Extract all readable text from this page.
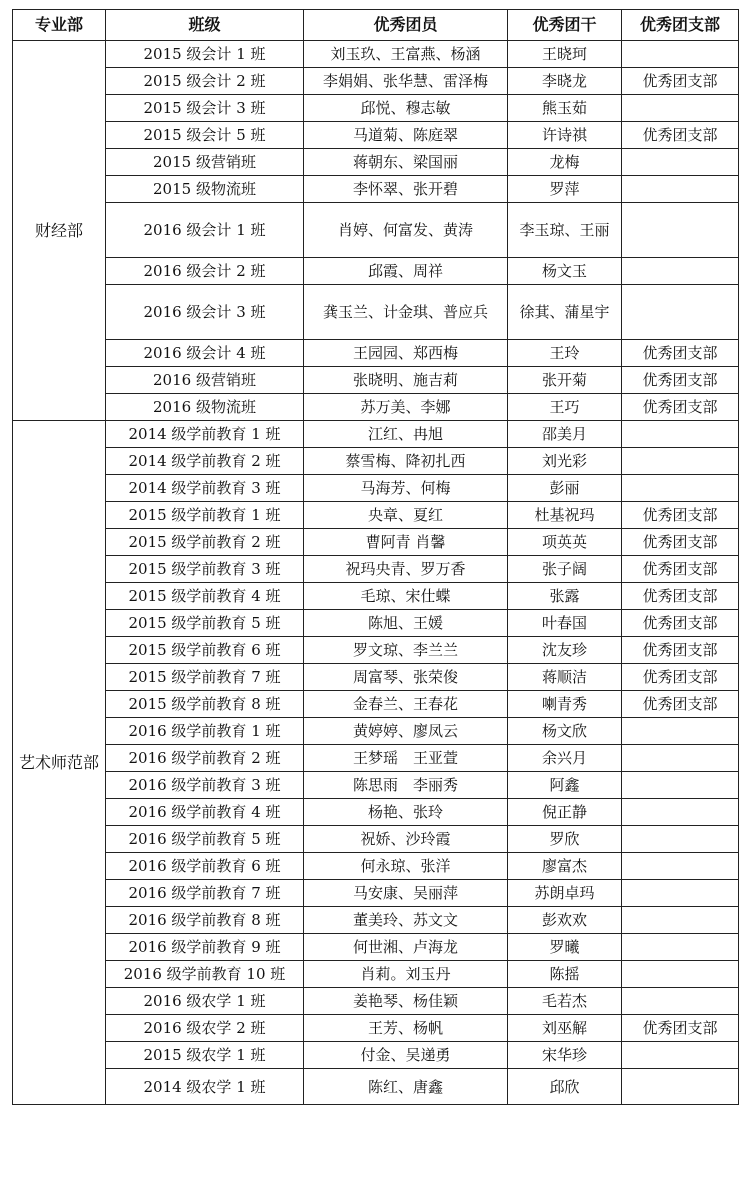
专业部	班级	优秀团员	优秀团干	优秀团支部
财经部	2015 级会计 1 班	刘玉玖、王富燕、杨涵	王晓珂	
	2015 级会计 2 班	李娟娟、张华慧、雷泽梅	李晓龙	优秀团支部
	2015 级会计 3 班	邱悦、穆志敏	熊玉茹	
	2015 级会计 5 班	马道菊、陈庭翠	许诗祺	优秀团支部
	2015 级营销班	蒋朝东、梁国丽	龙梅	
	2015 级物流班	李怀翠、张开碧	罗萍	
	2016 级会计 1 班	肖婷、何富发、黄涛	李玉琼、王丽	
	2016 级会计 2 班	邱霞、周祥	杨文玉	
	2016 级会计 3 班	龚玉兰、计金琪、普应兵	徐萁、蒲星宇	
	2016 级会计 4 班	王园园、郑西梅	王玲	优秀团支部
	2016 级营销班	张晓明、施吉莉	张开菊	优秀团支部
	2016 级物流班	苏万美、李娜	王巧	优秀团支部
艺术师范部	2014 级学前教育 1 班	江红、冉旭	邵美月	
	2014 级学前教育 2 班	蔡雪梅、降初扎西	刘光彩	
	2014 级学前教育 3 班	马海芳、何梅	彭丽	
	2015 级学前教育 1 班	央章、夏红	杜基祝玛	优秀团支部
	2015 级学前教育 2 班	曹阿青 肖馨	项英英	优秀团支部
	2015 级学前教育 3 班	祝玛央青、罗万香	张子阔	优秀团支部
	2015 级学前教育 4 班	毛琼、宋仕蝶	张露	优秀团支部
	2015 级学前教育 5 班	陈旭、王媛	叶春国	优秀团支部
	2015 级学前教育 6 班	罗文琼、李兰兰	沈友珍	优秀团支部
	2015 级学前教育 7 班	周富琴、张荣俊	蒋顺洁	优秀团支部
	2015 级学前教育 8 班	金春兰、王春花	喇青秀	优秀团支部
	2016 级学前教育 1 班	黄婷婷、廖凤云	杨文欣	
	2016 级学前教育 2 班	王梦瑶　王亚萱	余兴月	
	2016 级学前教育 3 班	陈思雨　李丽秀	阿鑫	
	2016 级学前教育 4 班	杨艳、张玲	倪正静	
	2016 级学前教育 5 班	祝娇、沙玲霞	罗欣	
	2016 级学前教育 6 班	何永琼、张洋	廖富杰	
	2016 级学前教育 7 班	马安康、吴丽萍	苏朗卓玛	
	2016 级学前教育 8 班	董美玲、苏文文	彭欢欢	
	2016 级学前教育 9 班	何世湘、卢海龙	罗曦	
	2016 级学前教育 10 班	肖莉。刘玉丹	陈摇	
	2016 级农学 1 班	姜艳琴、杨佳颖	毛若杰	
	2016 级农学 2 班	王芳、杨帆	刘巫解	优秀团支部
	2015 级农学 1 班	付金、吴递勇	宋华珍	
	2014 级农学 1 班	陈红、唐鑫	邱欣	
